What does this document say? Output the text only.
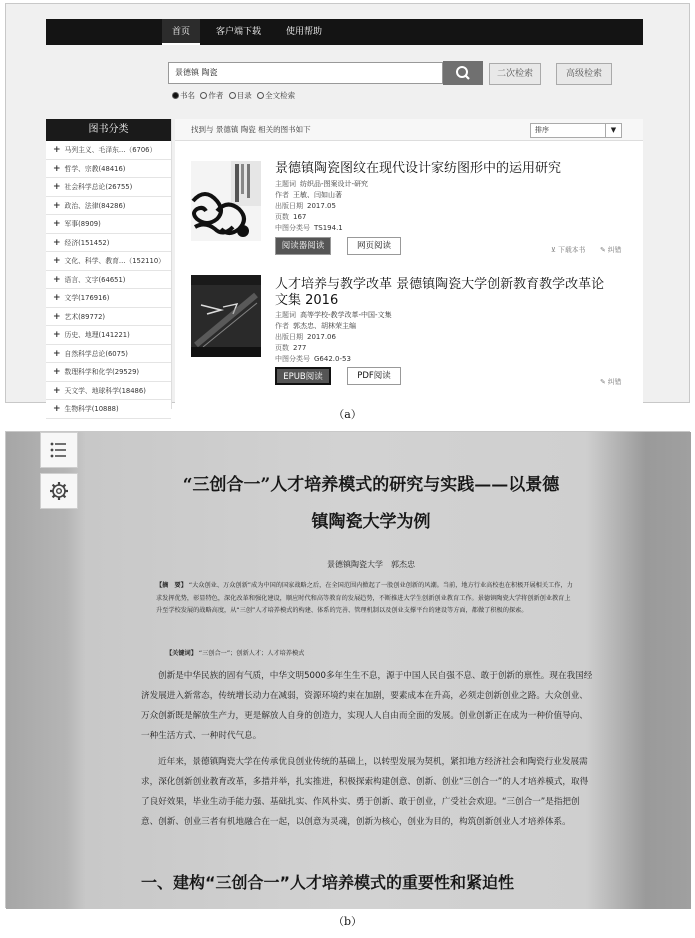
首页	客户端下载	使用帮助
景德镇 陶瓷	二次检索	高级检索
书名 作者 目录 全文检索
图书分类
+ 马列主义、毛泽东...（6706）
+ 哲学、宗教(48416)
+ 社会科学总论(26755)
+ 政治、法律(84286)
+ 军事(8909)
+ 经济(151452)
+ 文化、科学、教育...（152110）
+ 语言、文字(64651)
+ 文学(176916)
+ 艺术(89772)
+ 历史、地理(141221)
+ 自然科学总论(6075)
+ 数理科学和化学(29529)
+ 天文学、地球科学(18486)
+ 生物科学(10888)
找到与 景德镇 陶瓷 相关的图书如下	排序	▼
景德镇陶瓷图纹在现代设计家纺图形中的运用研究
主题词 纺织品-图案设计-研究
作者 王敏、闫如山著
出版日期 2017.05
页数 167
中图分类号 TS194.1
阅读器阅读	网页阅读	⊻ 下载本书 ✎ 纠错
人才培养与教学改革 景德镇陶瓷大学创新教育教学改革论文集 2016
主题词 高等学校-教学改革-中国-文集
作者 郭杰忠、胡林荣主编
出版日期 2017.06
页数 277
中图分类号 G642.0-53
EPUB阅读	PDF阅读
✎ 纠错
（a）
“三创合一”人才培养模式的研究与实践——以景德
镇陶瓷大学为例
景德镇陶瓷大学　郭杰忠
【摘　要】 “大众创业、万众创新”成为中国的国家战略之后，在全国范围内掀起了一股创业创新的风潮。当前，地方行业高校也在积极开展相关工作，力求发挥优势，彰显特色，深化改革和强化建设，顺应时代和高等教育的发展趋势，不断推进大学生创新创业教育工作。景德镇陶瓷大学将创新创业教育上升至学校发展的战略高度，从“三创”人才培养模式的构建、体系的完善、管理机制以及创业支撑平台的建设等方面，都做了积极的探索。
【关键词】 “三创合一”；创新人才；人才培养模式
创新是中华民族的固有气质，中华文明5000多年生生不息，源于中国人民自强不息、敢于创新的禀性。现在我国经济发展进入新常态，传统增长动力在减弱，资源环境约束在加剧，要素成本在升高，必须走创新创业之路。大众创业、万众创新既是解放生产力，更是解放人自身的创造力，实现人人自由而全面的发展。创业创新正在成为一种价值导向、一种生活方式、一种时代气息。
近年来，景德镇陶瓷大学在传承优良创业传统的基础上，以转型发展为契机，紧扣地方经济社会和陶瓷行业发展需求，深化创新创业教育改革，多措并举，扎实推进，积极探索构建创意、创新、创业“三创合一”的人才培养模式，取得了良好效果，毕业生动手能力强、基础扎实、作风朴实、勇于创新、敢于创业，广受社会欢迎。“三创合一”是指把创意、创新、创业三者有机地融合在一起，以创意为灵魂，创新为核心，创业为目的，构筑创新创业人才培养体系。
一、建构“三创合一”人才培养模式的重要性和紧迫性
（b）
